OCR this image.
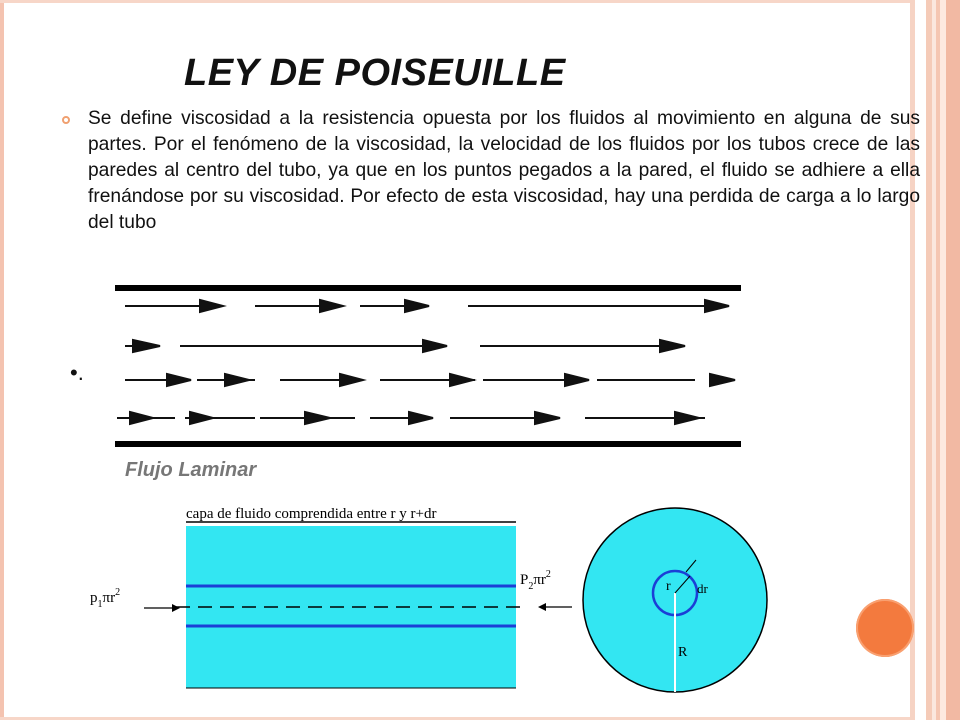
LEY DE POISEUILLE
Se define viscosidad a la resistencia opuesta por los fluidos al movimiento en alguna de sus partes. Por el fenómeno de la viscosidad, la velocidad de los fluidos por los tubos crece de las paredes al centro del tubo, ya que en los puntos pegados a la pared, el fluido se adhiere a ella frenándose por su viscosidad. Por efecto de esta viscosidad, hay una perdida de carga a lo largo del tubo
•.
Flujo Laminar
capa de fluido comprendida entre r y r+dr
$p_1\pi r^2$
$P_2\pi r^2$
r dr
R
